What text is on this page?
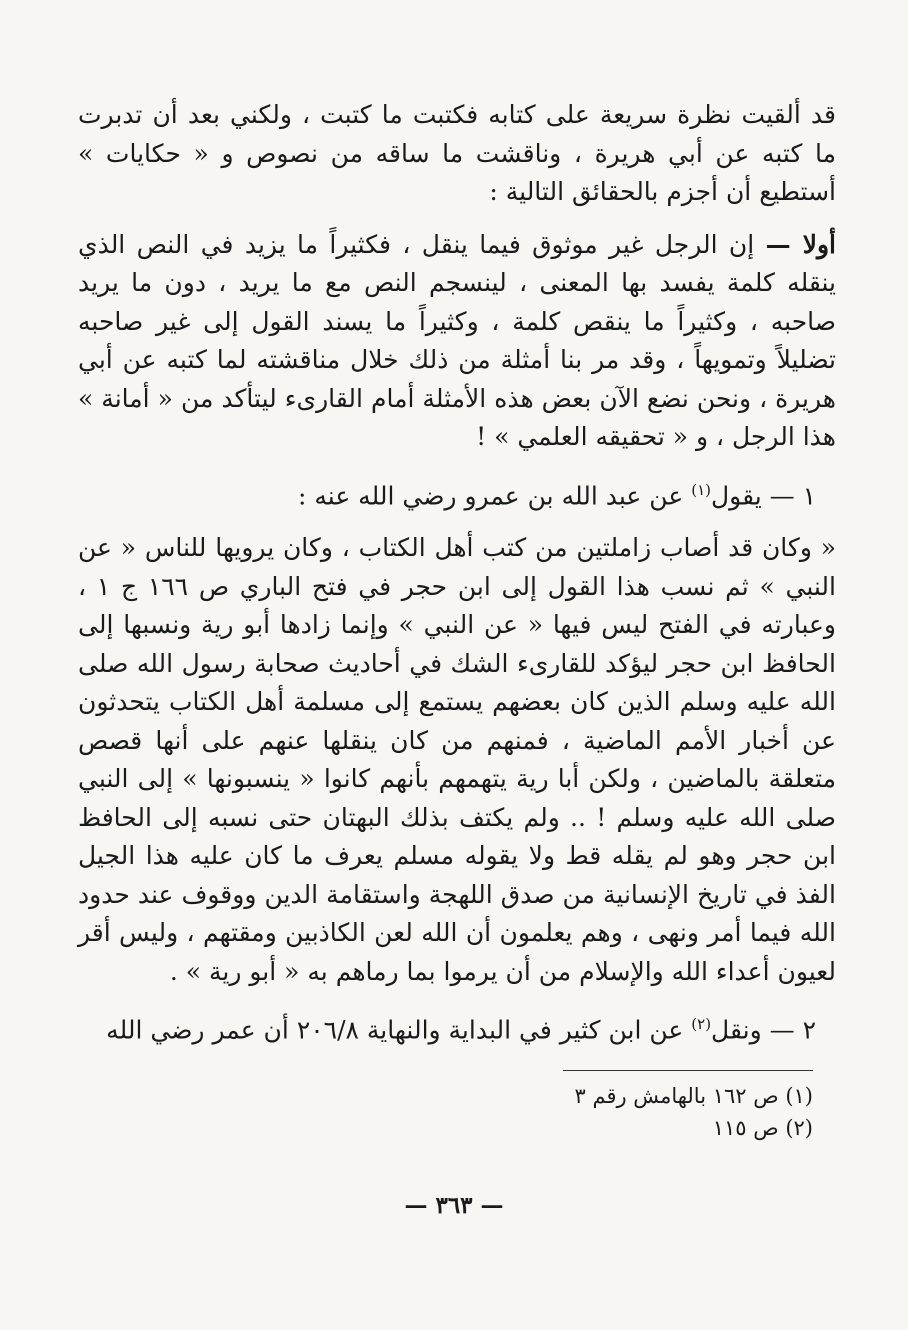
قد ألقيت نظرة سريعة على كتابه فكتبت ما كتبت ، ولكني بعد أن تدبرت ما كتبه عن أبي هريرة ، وناقشت ما ساقه من نصوص و « حكايات » أستطيع أن أجزم بالحقائق التالية :

أولا — إن الرجل غير موثوق فيما ينقل ، فكثيراً ما يزيد في النص الذي ينقله كلمة يفسد بها المعنى ، لينسجم النص مع ما يريد ، دون ما يريد صاحبه ، وكثيراً ما ينقص كلمة ، وكثيراً ما يسند القول إلى غير صاحبه تضليلاً وتمويهاً ، وقد مر بنا أمثلة من ذلك خلال مناقشته لما كتبه عن أبي هريرة ، ونحن نضع الآن بعض هذه الأمثلة أمام القارىء ليتأكد من « أمانة » هذا الرجل ، و « تحقيقه العلمي » !

١ — يقول$^{(١)}$ عن عبد الله بن عمرو رضي الله عنه :

« وكان قد أصاب زاملتين من كتب أهل الكتاب ، وكان يرويها للناس « عن النبي » ثم نسب هذا القول إلى ابن حجر في فتح الباري ص ١٦٦ ج ١ ، وعبارته في الفتح ليس فيها « عن النبي » وإنما زادها أبو رية ونسبها إلى الحافظ ابن حجر ليؤكد للقارىء الشك في أحاديث صحابة رسول الله صلى الله عليه وسلم الذين كان بعضهم يستمع إلى مسلمة أهل الكتاب يتحدثون عن أخبار الأمم الماضية ، فمنهم من كان ينقلها عنهم على أنها قصص متعلقة بالماضين ، ولكن أبا رية يتهمهم بأنهم كانوا « ينسبونها » إلى النبي صلى الله عليه وسلم ! .. ولم يكتف بذلك البهتان حتى نسبه إلى الحافظ ابن حجر وهو لم يقله قط ولا يقوله مسلم يعرف ما كان عليه هذا الجيل الفذ في تاريخ الإنسانية من صدق اللهجة واستقامة الدين ووقوف عند حدود الله فيما أمر ونهى ، وهم يعلمون أن الله لعن الكاذبين ومقتهم ، وليس أقر لعيون أعداء الله والإسلام من أن يرموا بما رماهم به « أبو رية » .

٢ — ونقل$^{(٢)}$ عن ابن كثير في البداية والنهاية ٢٠٦/٨ أن عمر رضي الله

(١) ص ١٦٢ بالهامش رقم ٣
(٢) ص ١١٥
— ٣٦٣ —
